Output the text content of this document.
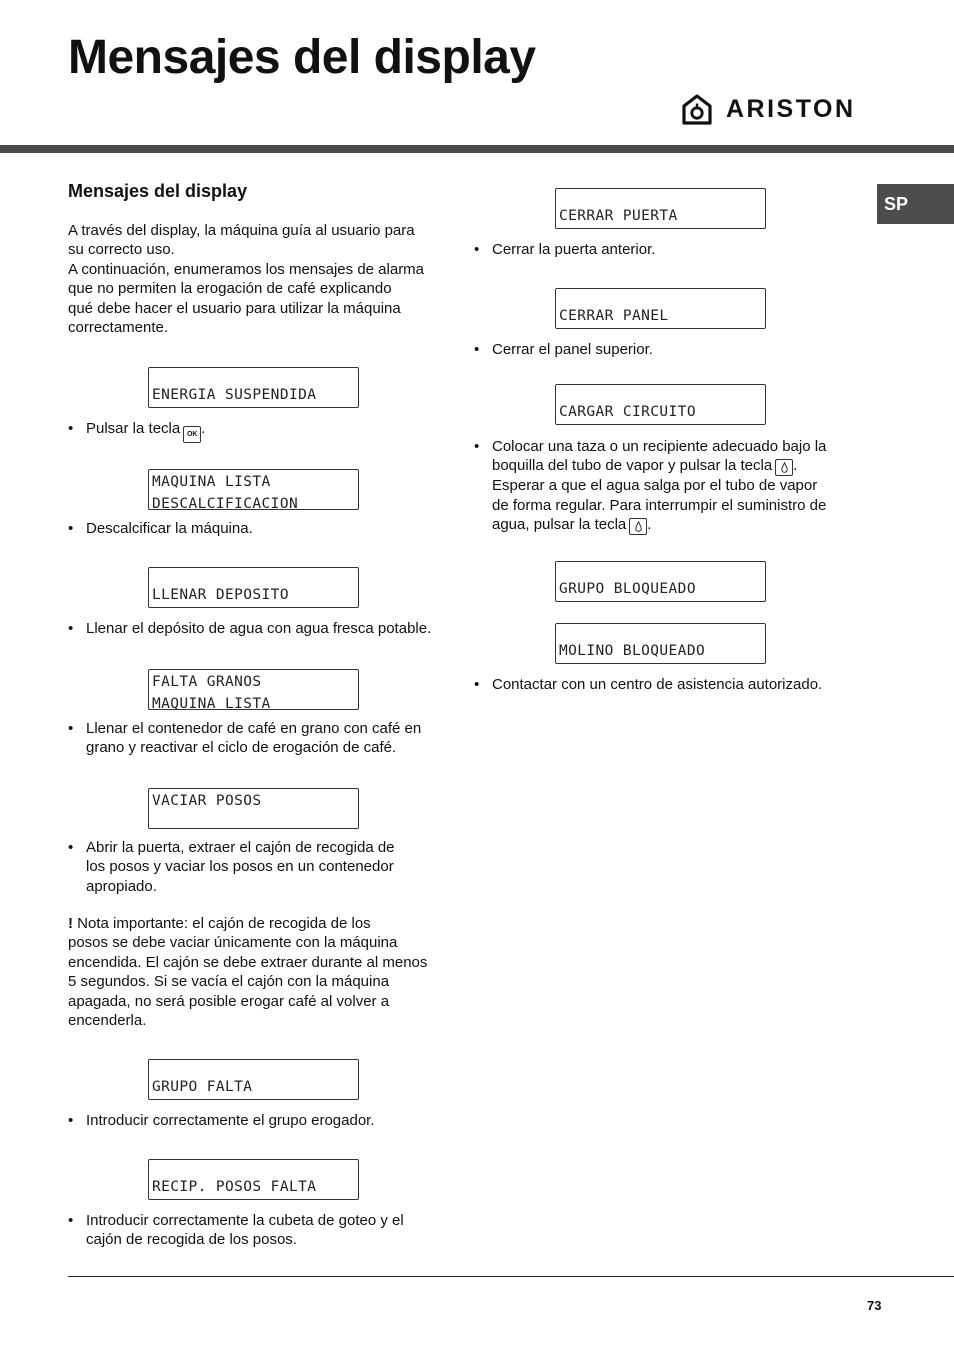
Mensajes del display
ARISTON
SP
Mensajes del display
A través del display, la máquina guía al usuario para
su correcto uso.
A continuación, enumeramos los mensajes de alarma
que no permiten la erogación de café explicando
qué debe hacer el usuario para utilizar la máquina
correctamente.
ENERGIA SUSPENDIDA
• Pulsar la tecla OK .
MAQUINA LISTA
DESCALCIFICACION
• Descalcificar la máquina.
LLENAR DEPOSITO
• Llenar el depósito de agua con agua fresca potable.
FALTA GRANOS
MAQUINA LISTA
• Llenar el contenedor de café en grano con café en
grano y reactivar el ciclo de erogación de café.
VACIAR POSOS
• Abrir la puerta, extraer el cajón de recogida de
los posos y vaciar los posos en un contenedor
apropiado.
! Nota importante: el cajón de recogida de los
posos se debe vaciar únicamente con la máquina
encendida. El cajón se debe extraer durante al menos
5 segundos. Si se vacía el cajón con la máquina
apagada, no será posible erogar café al volver a
encenderla.
GRUPO FALTA
• Introducir correctamente el grupo erogador.
RECIP. POSOS FALTA
• Introducir correctamente la cubeta de goteo y el
cajón de recogida de los posos.
CERRAR PUERTA
• Cerrar la puerta anterior.
CERRAR PANEL
• Cerrar el panel superior.
CARGAR CIRCUITO
• Colocar una taza o un recipiente adecuado bajo la
boquilla del tubo de vapor y pulsar la tecla .
Esperar a que el agua salga por el tubo de vapor
de forma regular. Para interrumpir el suministro de
agua, pulsar la tecla .
GRUPO BLOQUEADO
MOLINO BLOQUEADO
• Contactar con un centro de asistencia autorizado.
73
